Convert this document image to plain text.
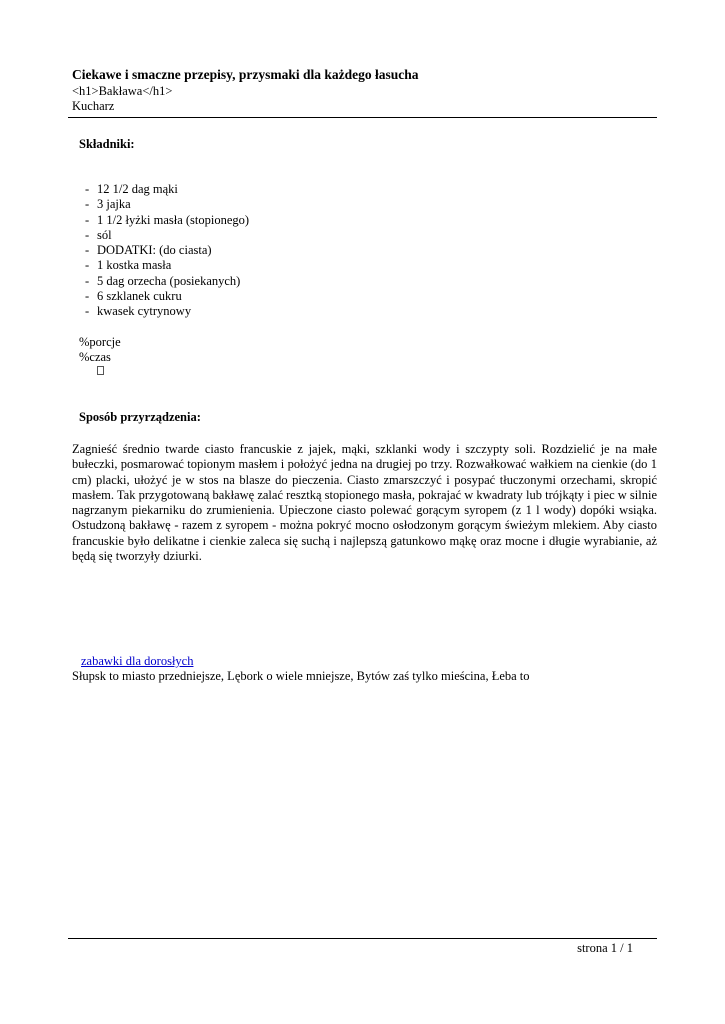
Ciekawe i smaczne przepisy, przysmaki dla każdego łasucha
<h1>Bakława</h1>
Kucharz
Składniki:
- 12 1/2 dag mąki
- 3 jajka
- 1 1/2 łyżki masła (stopionego)
- sól
- DODATKI: (do ciasta)
- 1 kostka masła
- 5 dag orzecha (posiekanych)
- 6 szklanek cukru
- kwasek cytrynowy
%porcje
%czas
Sposób przyrządzenia:
Zagnieść średnio twarde ciasto francuskie z jajek, mąki, szklanki wody i szczypty soli. Rozdzielić je na małe bułeczki, posmarować topionym masłem i położyć jedna na drugiej po trzy. Rozwałkować wałkiem na cienkie (do 1 cm) placki, ułożyć je w stos na blasze do pieczenia. Ciasto zmarszczyć i posypać tłuczonymi orzechami, skropić masłem. Tak przygotowaną bakławę zalać resztką stopionego masła, pokrajać w kwadraty lub trójkąty i piec w silnie nagrzanym piekarniku do zrumienienia. Upieczone ciasto polewać gorącym syropem (z 1 l wody) dopóki wsiąka. Ostudzoną bakławę - razem z syropem - można pokryć mocno osłodzonym gorącym świeżym mlekiem. Aby ciasto francuskie było delikatne i cienkie zaleca się suchą i najlepszą gatunkowo mąkę oraz mocne i długie wyrabianie, aż będą się tworzyły dziurki.
zabawki dla dorosłych
Słupsk to miasto przedniejsze, Lębork o wiele mniejsze, Bytów zaś tylko mieścina, Łeba to
strona 1 / 1
